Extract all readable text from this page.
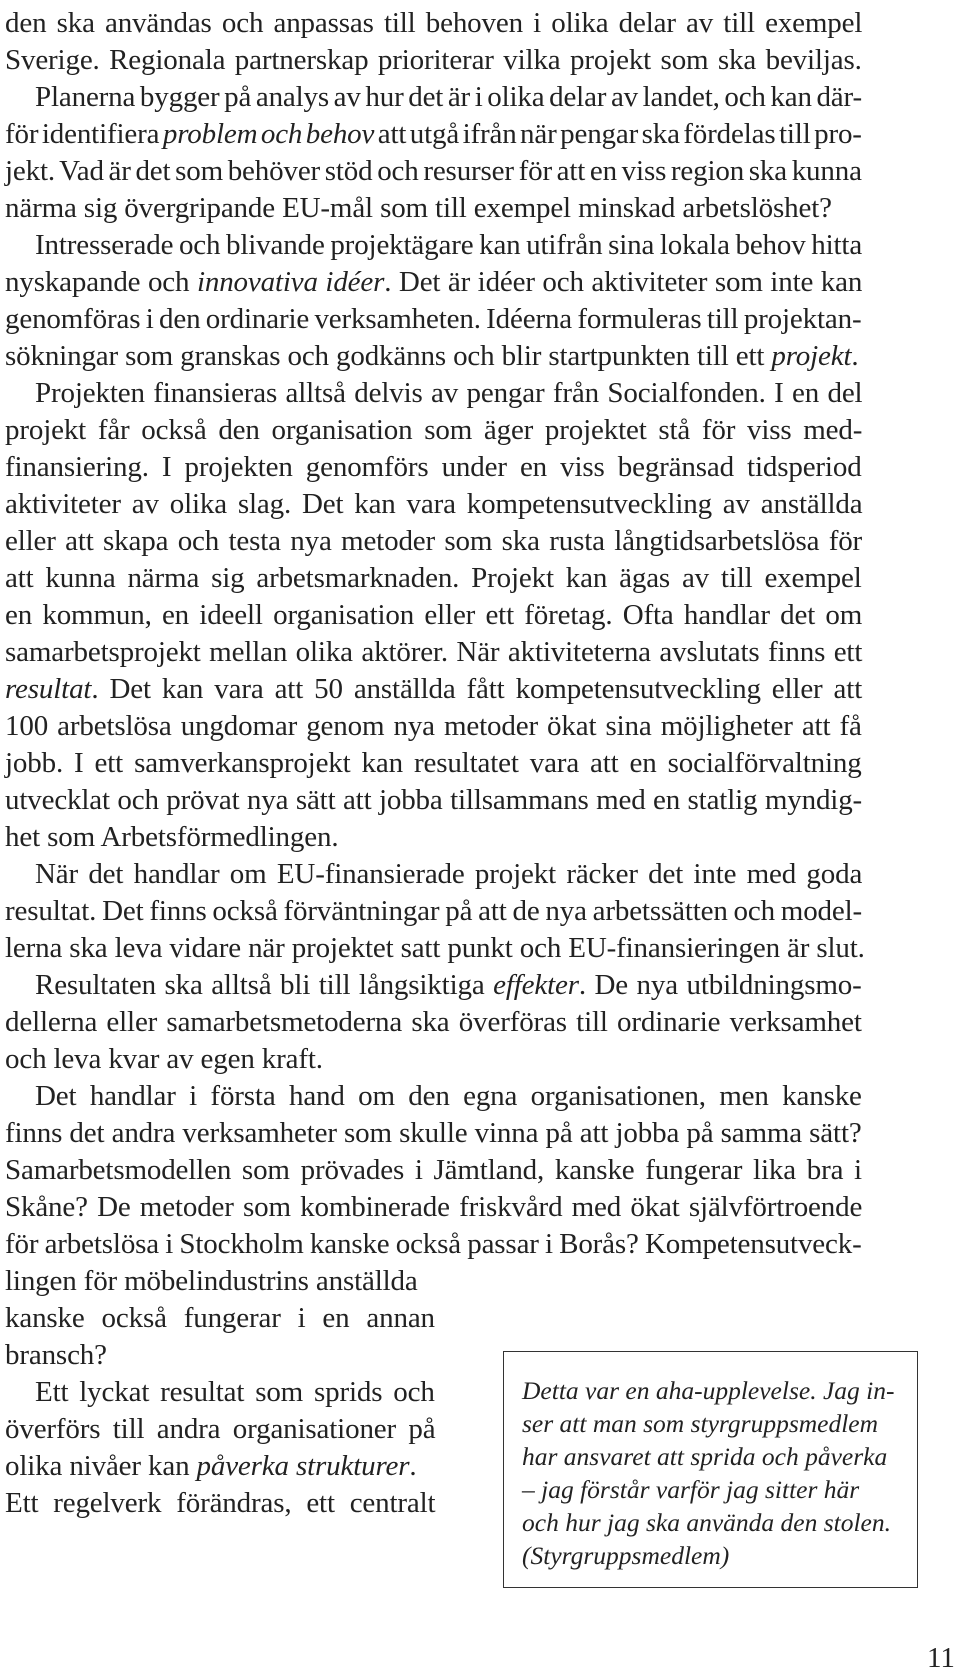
den ska användas och anpassas till behoven i olika delar av till exempel
Sverige. Regionala partnerskap prioriterar vilka projekt som ska beviljas.
Planerna bygger på analys av hur det är i olika delar av landet, och kan där-
för identifiera problem och behov att utgå ifrån när pengar ska fördelas till pro-
jekt. Vad är det som behöver stöd och resurser för att en viss region ska kunna
närma sig övergripande EU-mål som till exempel minskad arbetslöshet?
Intresserade och blivande projektägare kan utifrån sina lokala behov hitta
nyskapande och innovativa idéer. Det är idéer och aktiviteter som inte kan
genomföras i den ordinarie verksamheten. Idéerna formuleras till projektan-
sökningar som granskas och godkänns och blir startpunkten till ett projekt.
Projekten finansieras alltså delvis av pengar från Socialfonden. I en del
projekt får också den organisation som äger projektet stå för viss med-
finansiering. I projekten genomförs under en viss begränsad tidsperiod
aktiviteter av olika slag. Det kan vara kompetensutveckling av anställda
eller att skapa och testa nya metoder som ska rusta långtidsarbetslösa för
att kunna närma sig arbetsmarknaden. Projekt kan ägas av till exempel
en kommun, en ideell organisation eller ett företag. Ofta handlar det om
samarbetsprojekt mellan olika aktörer. När aktiviteterna avslutats finns ett
resultat. Det kan vara att 50 anställda fått kompetensutveckling eller att
100 arbetslösa ungdomar genom nya metoder ökat sina möjligheter att få
jobb. I ett samverkansprojekt kan resultatet vara att en socialförvaltning
utvecklat och prövat nya sätt att jobba tillsammans med en statlig myndig-
het som Arbetsförmedlingen.
När det handlar om EU-finansierade projekt räcker det inte med goda
resultat. Det finns också förväntningar på att de nya arbetssätten och model-
lerna ska leva vidare när projektet satt punkt och EU-finansieringen är slut.
Resultaten ska alltså bli till långsiktiga effekter. De nya utbildningsmo-
dellerna eller samarbetsmetoderna ska överföras till ordinarie verksamhet
och leva kvar av egen kraft.
Det handlar i första hand om den egna organisationen, men kanske
finns det andra verksamheter som skulle vinna på att jobba på samma sätt?
Samarbetsmodellen som prövades i Jämtland, kanske fungerar lika bra i
Skåne? De metoder som kombinerade friskvård med ökat självförtroende
för arbetslösa i Stockholm kanske också passar i Borås? Kompetensutveck-
lingen för möbelindustrins anställda
kanske också fungerar i en annan
bransch?
Ett lyckat resultat som sprids och
överförs till andra organisationer på
olika nivåer kan påverka strukturer.
Ett regelverk förändras, ett centralt
Detta var en aha-upplevelse. Jag in-
ser att man som styrgruppsmedlem
har ansvaret att sprida och påverka
– jag förstår varför jag sitter här
och hur jag ska använda den stolen.
(Styrgruppsmedlem)
11
